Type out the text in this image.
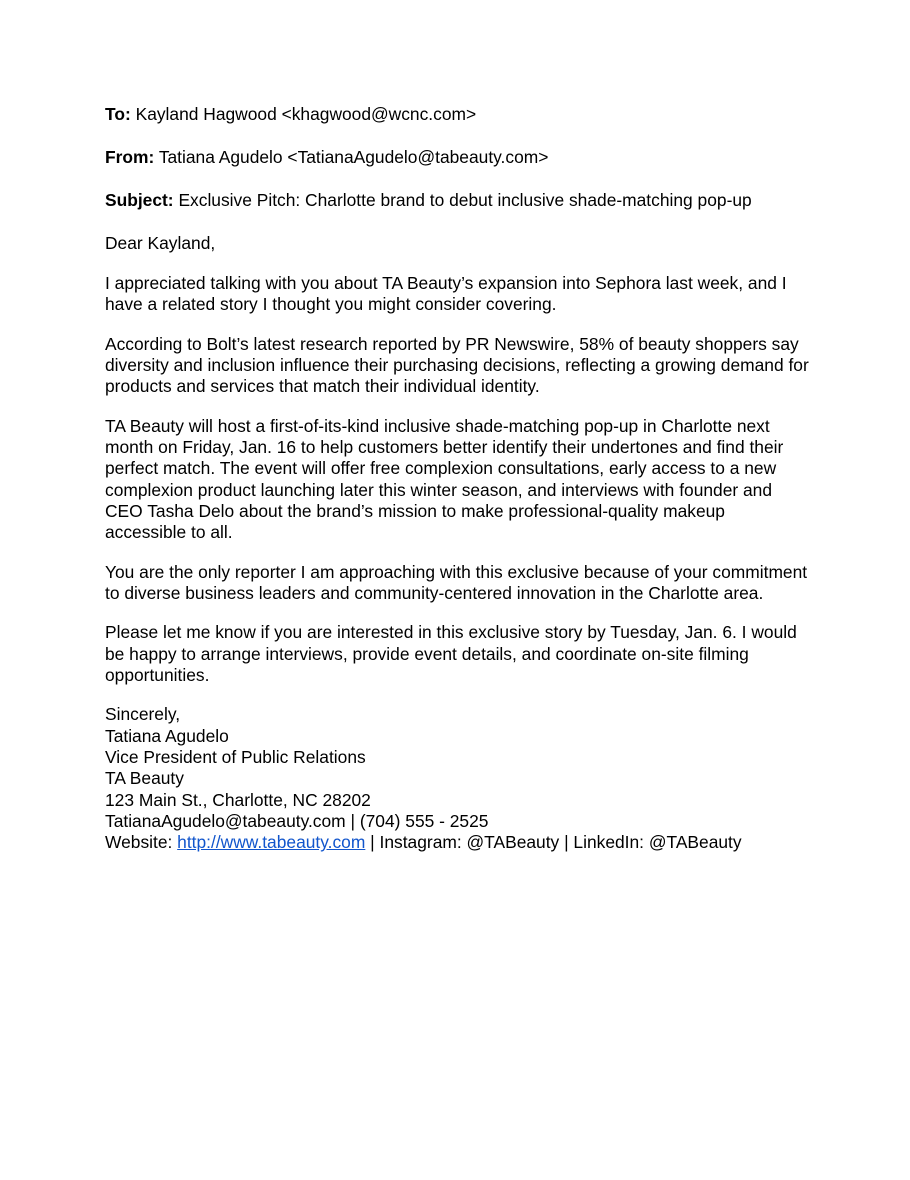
To: Kayland Hagwood <khagwood@wcnc.com>
From: Tatiana Agudelo <TatianaAgudelo@tabeauty.com>
Subject: Exclusive Pitch: Charlotte brand to debut inclusive shade-matching pop-up
Dear Kayland,

I appreciated talking with you about TA Beauty’s expansion into Sephora last week, and I have a related story I thought you might consider covering.

According to Bolt’s latest research reported by PR Newswire, 58% of beauty shoppers say diversity and inclusion influence their purchasing decisions, reflecting a growing demand for products and services that match their individual identity.

TA Beauty will host a first-of-its-kind inclusive shade-matching pop-up in Charlotte next month on Friday, Jan. 16 to help customers better identify their undertones and find their perfect match. The event will offer free complexion consultations, early access to a new complexion product launching later this winter season, and interviews with founder and CEO Tasha Delo about the brand’s mission to make professional-quality makeup accessible to all.

You are the only reporter I am approaching with this exclusive because of your commitment to diverse business leaders and community-centered innovation in the Charlotte area.

Please let me know if you are interested in this exclusive story by Tuesday, Jan. 6. I would be happy to arrange interviews, provide event details, and coordinate on-site filming opportunities.

Sincerely,
Tatiana Agudelo
Vice President of Public Relations
TA Beauty
123 Main St., Charlotte, NC 28202
TatianaAgudelo@tabeauty.com | (704) 555 - 2525
Website: http://www.tabeauty.com | Instagram: @TABeauty | LinkedIn: @TABeauty
